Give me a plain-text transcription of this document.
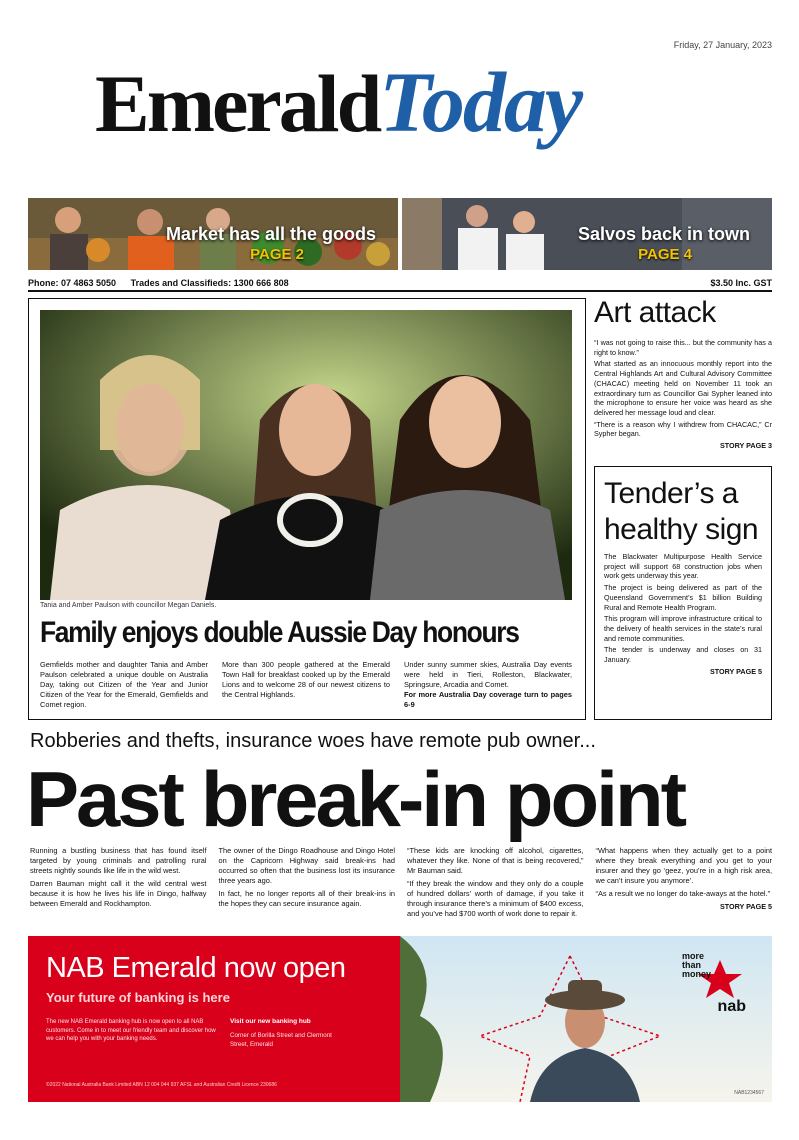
Friday, 27 January, 2023
EmeraldToday
Market has all the goods
PAGE 2
Salvos back in town
PAGE 4
Phone: 07 4863 5050 Trades and Classifieds: 1300 666 808	$3.50 Inc. GST
Tania and Amber Paulson with councillor Megan Daniels.
Family enjoys double Aussie Day honours

Gemfields mother and daughter Tania and Amber Paulson celebrated a unique double on Australia Day, taking out Citizen of the Year and Junior Citizen of the Year for the Emerald, Gemfields and Comet region.

More than 300 people gathered at the Emerald Town Hall for breakfast cooked up by the Emerald Lions and to welcome 28 of our newest citizens to the Central Highlands.

Under sunny summer skies, Australia Day events were held in Tieri, Rolleston, Blackwater, Springsure, Arcadia and Comet.

For more Australia Day coverage turn to pages 6-9

Art attack

“I was not going to raise this... but the community has a right to know.”

What started as an innocuous monthly report into the Central Highlands Art and Cultural Advisory Committee (CHACAC) meeting held on November 11 took an extraordinary turn as Councillor Gai Sypher leaned into the microphone to ensure her voice was heard as she delivered her message loud and clear.

“There is a reason why I withdrew from CHACAC,” Cr Sypher began.

STORY PAGE 3
Tender’s a healthy sign

The Blackwater Multipurpose Health Service project will support 68 construction jobs when work gets underway this year.

The project is being delivered as part of the Queensland Government’s $1 billion Building Rural and Remote Health Program.

This program will improve infrastructure critical to the delivery of health services in the state’s rural and remote communities.

The tender is underway and closes on 31 January.

STORY PAGE 5
Robberies and thefts, insurance woes have remote pub owner...
Past break-in point

Running a bustling business that has found itself targeted by young criminals and patrolling rural streets nightly sounds like life in the wild west.

Darren Bauman might call it the wild central west because it is how he lives his life in Dingo, halfway between Emerald and Rockhampton.

The owner of the Dingo Roadhouse and Dingo Hotel on the Capricorn Highway said break-ins had occurred so often that the business lost its insurance three years ago.

In fact, he no longer reports all of their break-ins in the hopes they can secure insurance again.

“These kids are knocking off alcohol, cigarettes, whatever they like. None of that is being recovered,” Mr Bauman said.

“If they break the window and they only do a couple of hundred dollars’ worth of damage, if you take it through insurance there’s a minimum of $400 excess, and you’ve had $700 worth of work done to repair it.

“What happens when they actually get to a point where they break everything and you get to your insurer and they go ‘geez, you’re in a high risk area, we can’t insure you anymore’.

“As a result we no longer do take-aways at the hotel.”

STORY PAGE 5
NAB Emerald now open
Your future of banking is here
The new NAB Emerald banking hub is now open to all NAB customers. Come in to meet our friendly team and discover how we can help you with your banking needs.
Visit our new banking hub
Corner of Borilla Street and Clermont Street, Emerald
©2022 National Australia Bank Limited ABN 12 004 044 937 AFSL and Australian Credit Licence 230686
more
than
money
nab
NAB1234567
